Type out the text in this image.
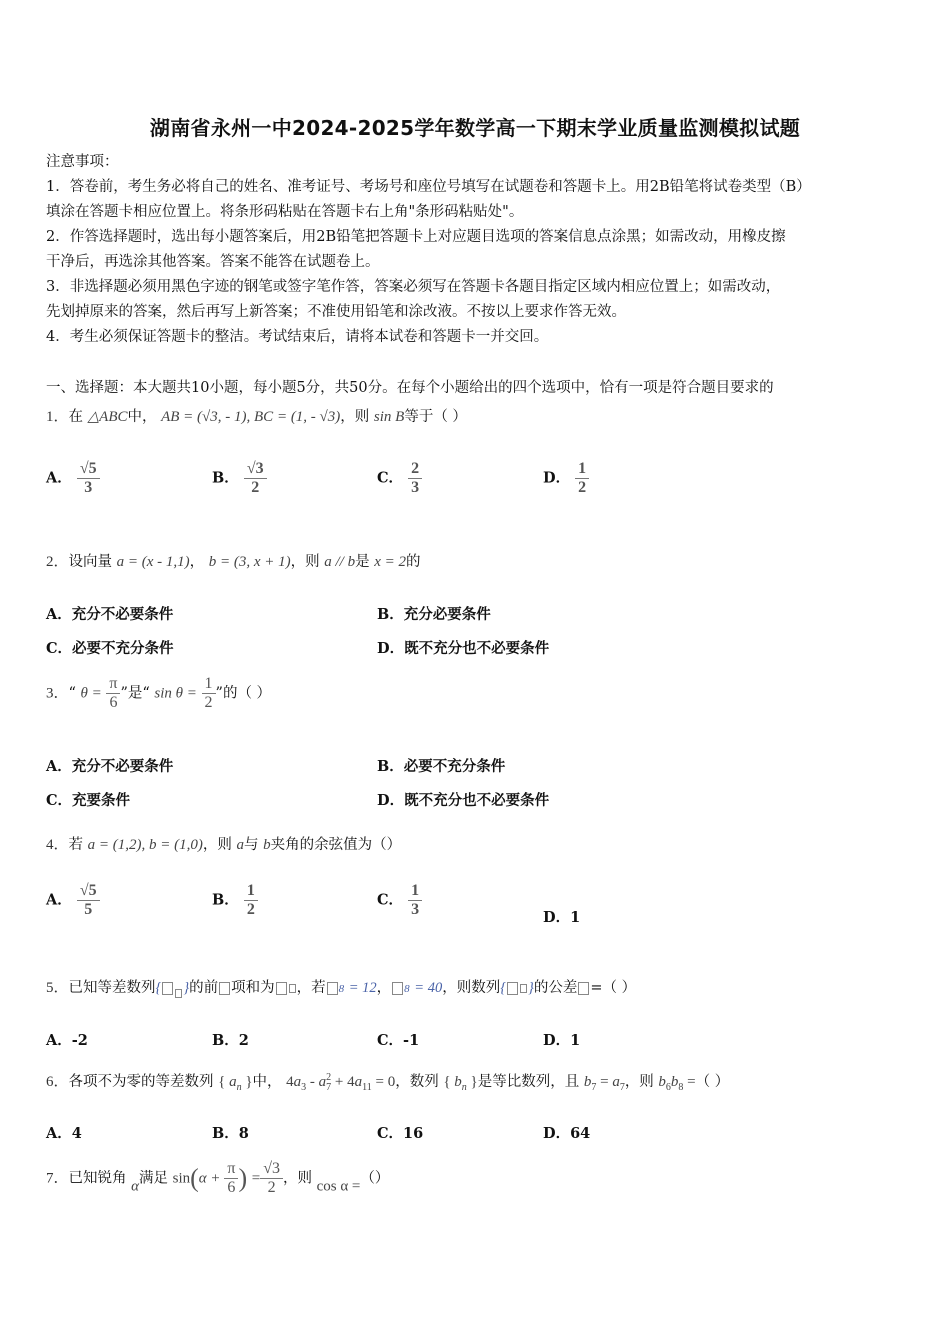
湖南省永州一中2024-2025学年数学高一下期末学业质量监测模拟试题
注意事项：
1．答卷前，考生务必将自己的姓名、准考证号、考场号和座位号填写在试题卷和答题卡上。用2B铅笔将试卷类型（B）
填涂在答题卡相应位置上。将条形码粘贴在答题卡右上角"条形码粘贴处"。
2．作答选择题时，选出每小题答案后，用2B铅笔把答题卡上对应题目选项的答案信息点涂黑；如需改动，用橡皮擦
干净后，再选涂其他答案。答案不能答在试题卷上。
3．非选择题必须用黑色字迹的钢笔或签字笔作答，答案必须写在答题卡各题目指定区域内相应位置上；如需改动，
先划掉原来的答案，然后再写上新答案；不准使用铅笔和涂改液。不按以上要求作答无效。
4．考生必须保证答题卡的整洁。考试结束后，请将本试卷和答题卡一并交回。
一、选择题：本大题共10小题，每小题5分，共50分。在每个小题给出的四个选项中，恰有一项是符合题目要求的
1．在 △ABC中， AB = (√3, - 1), BC = (1, - √3)，则 sin B等于（ ）
A． $\frac{√5}{3}$	B． $\frac{√3}{2}$	C． $\frac{2}{3}$	D． $\frac{1}{2}$
2．设向量 a = (x - 1,1)， b = (3, x + 1)，则 a // b是 x = 2的
A．充分不必要条件	B．充分必要条件
C．必要不充分条件	D．既不充分也不必要条件
3．“ $\theta = \frac{\pi}{6}$ ”是“ $\sin \theta = \frac{1}{2}$ ”的（ ）
A．充分不必要条件	B．必要不充分条件
C．充要条件	D．既不充分也不必要条件
4．若 a = (1,2), b = (1,0)，则 a与 b夹角的余弦值为（）
A． $\frac{√5}{5}$	B． $\frac{1}{2}$	C． $\frac{1}{3}$	D．1
5．已知等差数列{ }的前 项和为 ，若 8 = 12， 8 = 40，则数列{ }的公差 =（ ）
A．-2	B．2	C．-1	D．1
6．各项不为零的等差数列 { $a_n$ }中， $4a_3 - a^2_7 + 4a_{11} = 0$，数列 { $b_n$ }是等比数列，且 $b_7 = a_7$，则 $b_6b_8$ =（ ）
A．4	B．8	C．16	D．64
7．已知锐角 α满足 $\sin(\alpha + \frac{\pi}{6}$ ) = $\frac{√3}{2}$ ，则 cos α =（）
